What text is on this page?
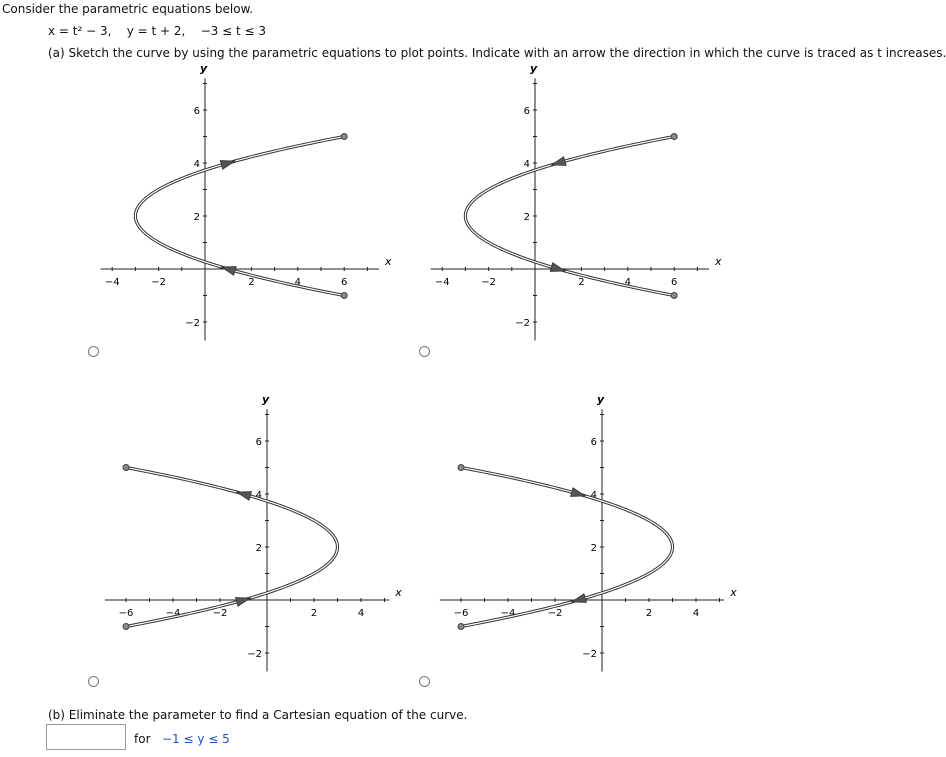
Consider the parametric equations below.
x = t² − 3, y = t + 2, −3 ≤ t ≤ 3
(a) Sketch the curve by using the parametric equations to plot points. Indicate with an arrow the direction in which the curve is traced as t increases.
x
y
−4	−2	2	4	6
−2
2
4
6
x
y
−4	−2	2	4	6
−2
2
4
6
x
y
−6	−4	−2	2	4
−2
2
4
6
x
y
−6	−4	−2	2	4
−2
2
4
6
(b) Eliminate the parameter to find a Cartesian equation of the curve.
for −1 ≤ y ≤ 5
